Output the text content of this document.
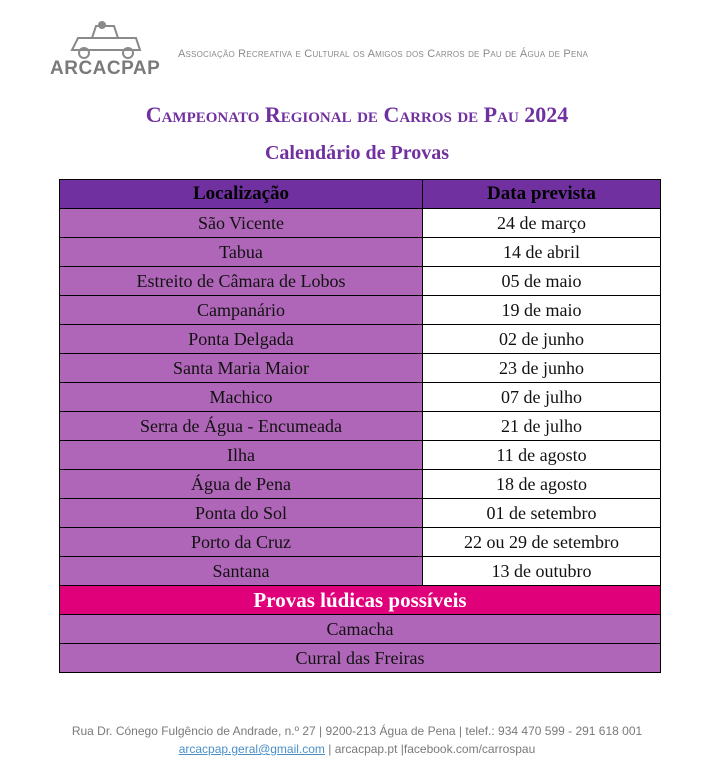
ARCACPAP
Associação Recreativa e Cultural os Amigos dos Carros de Pau de Água de Pena
Campeonato Regional de Carros de Pau 2024
Calendário de Provas
Localização	Data prevista
São Vicente	24 de março
Tabua	14 de abril
Estreito de Câmara de Lobos	05 de maio
Campanário	19 de maio
Ponta Delgada	02 de junho
Santa Maria Maior	23 de junho
Machico	07 de julho
Serra de Água - Encumeada	21 de julho
Ilha	11 de agosto
Água de Pena	18 de agosto
Ponta do Sol	01 de setembro
Porto da Cruz	22 ou 29 de setembro
Santana	13 de outubro
Provas lúdicas possíveis	
Camacha	
Curral das Freiras	
Rua Dr. Cónego Fulgêncio de Andrade, n.º 27 | 9200-213 Água de Pena | telef.: 934 470 599 - 291 618 001
arcacpap.geral@gmail.com | arcacpap.pt |facebook.com/carrospau
